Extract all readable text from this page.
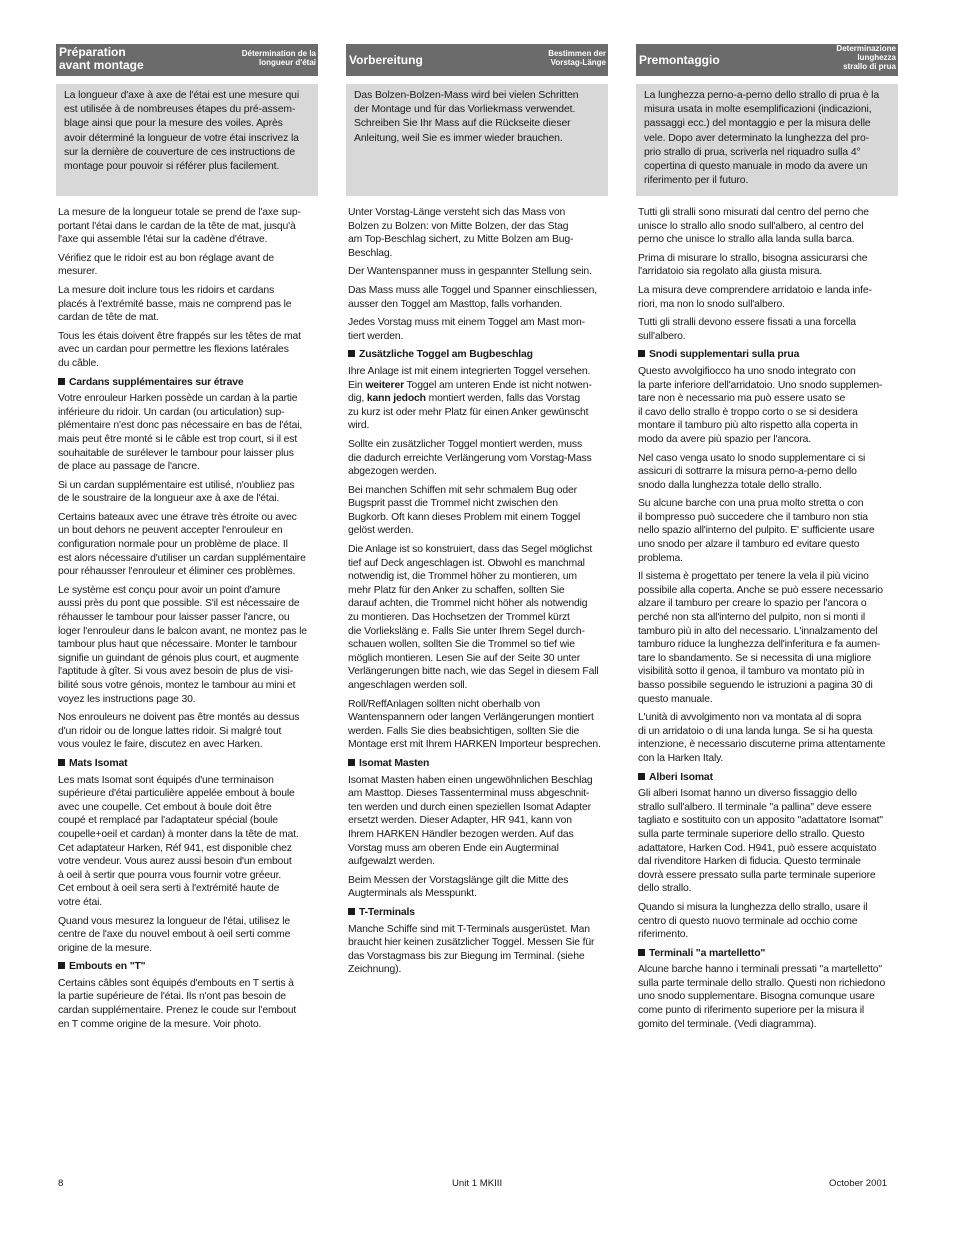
Préparation
avant montage
Détermination de la
longueur d'étai

La longueur d'axe à axe de l'étai est une mesure qui
est utilisée à de nombreuses étapes du pré-assem-
blage ainsi que pour la mesure des voiles. Après
avoir déterminé la longueur de votre étai inscrivez la
sur la dernière de couverture de ces instructions de
montage pour pouvoir si référer plus facilement.

La mesure de la longueur totale se prend de l'axe sup-
portant l'étai dans le cardan de la tête de mat, jusqu'à
l'axe qui assemble l'étai sur la cadène d'étrave.

Vérifiez que le ridoir est au bon réglage avant de
mesurer.

La mesure doit inclure tous les ridoirs et cardans
placés à l'extrémité basse, mais ne comprend pas le
cardan de tête de mat.

Tous les étais doivent être frappés sur les têtes de mat
avec un cardan pour permettre les flexions latérales
du câble.

Cardans supplémentaires sur étrave

Votre enrouleur Harken possède un cardan à la partie
inférieure du ridoir. Un cardan (ou articulation) sup-
plémentaire n'est donc pas nécessaire en bas de l'étai,
mais peut être monté si le câble est trop court, si il est
souhaitable de surélever le tambour pour laisser plus
de place au passage de l'ancre.

Si un cardan supplémentaire est utilisé, n'oubliez pas
de le soustraire de la longueur axe à axe de l'étai.

Certains bateaux avec une étrave très étroite ou avec
un bout dehors ne peuvent accepter l'enrouleur en
configuration normale pour un problème de place. Il
est alors nécessaire d'utiliser un cardan supplémentaire
pour réhausser l'enrouleur et éliminer ces problèmes.

Le système est conçu pour avoir un point d'amure
aussi près du pont que possible. S'il est nécessaire de
réhausser le tambour pour laisser passer l'ancre, ou
loger l'enrouleur dans le balcon avant, ne montez pas le
tambour plus haut que nécessaire. Monter le tambour
signifie un guindant de génois plus court, et augmente
l'aptitude à gîter. Si vous avez besoin de plus de visi-
bilité sous votre génois, montez le tambour au mini et
voyez les instructions page 30.

Nos enrouleurs ne doivent pas être montés au dessus
d'un ridoir ou de longue lattes ridoir. Si malgré tout
vous voulez le faire, discutez en avec Harken.

Mats Isomat

Les mats Isomat sont équipés d'une terminaison
supérieure d'étai particulière appelée embout à boule
avec une coupelle. Cet embout à boule doit être
coupé et remplacé par l'adaptateur spécial (boule
coupelle+oeil et cardan) à monter dans la tête de mat.
Cet adaptateur Harken, Réf 941, est disponible chez
votre vendeur. Vous aurez aussi besoin d'un embout
à oeil à sertir que pourra vous fournir votre gréeur.
Cet embout à oeil sera serti à l'extrémité haute de
votre étai.

Quand vous mesurez la longueur de l'étai, utilisez le
centre de l'axe du nouvel embout à oeil serti comme
origine de la mesure.

Embouts en "T"

Certains câbles sont équipés d'embouts en T sertis à
la partie supérieure de l'étai. Ils n'ont pas besoin de
cardan supplémentaire. Prenez le coude sur l'embout
en T comme origine de la mesure. Voir photo.

Vorbereitung	Bestimmen der
Vorstag-Länge

Das Bolzen-Bolzen-Mass wird bei vielen Schritten
der Montage und für das Vorliekmass verwendet.
Schreiben Sie Ihr Mass auf die Rückseite dieser
Anleitung, weil Sie es immer wieder brauchen.

Unter Vorstag-Länge versteht sich das Mass von
Bolzen zu Bolzen: von Mitte Bolzen, der das Stag
am Top-Beschlag sichert, zu Mitte Bolzen am Bug-
Beschlag.

Der Wantenspanner muss in gespannter Stellung sein.

Das Mass muss alle Toggel und Spanner einschliessen,
ausser den Toggel am Masttop, falls vorhanden.

Jedes Vorstag muss mit einem Toggel am Mast mon-
tiert werden.

Zusätzliche Toggel am Bugbeschlag

Ihre Anlage ist mit einem integrierten Toggel versehen.
Ein weiterer Toggel am unteren Ende ist nicht notwen-
dig, kann jedoch montiert werden, falls das Vorstag
zu kurz ist oder mehr Platz für einen Anker gewünscht
wird.

Sollte ein zusätzlicher Toggel montiert werden, muss
die dadurch erreichte Verlängerung vom Vorstag-Mass
abgezogen werden.

Bei manchen Schiffen mit sehr schmalem Bug oder
Bugsprit passt die Trommel nicht zwischen den
Bugkorb. Oft kann dieses Problem mit einem Toggel
gelöst werden.

Die Anlage ist so konstruiert, dass das Segel möglichst
tief auf Deck angeschlagen ist. Obwohl es manchmal
notwendig ist, die Trommel höher zu montieren, um
mehr Platz für den Anker zu schaffen, sollten Sie
darauf achten, die Trommel nicht höher als notwendig
zu montieren. Das Hochsetzen der Trommel kürzt
die Vorlieksläng e. Falls Sie unter Ihrem Segel durch-
schauen wollen, sollten Sie die Trommel so tief wie
möglich montieren. Lesen Sie auf der Seite 30 unter
Verlängerungen bitte nach, wie das Segel in diesem Fall
angeschlagen werden soll.

Roll/ReffAnlagen sollten nicht oberhalb von
Wantenspannern oder langen Verlängerungen montiert
werden. Falls Sie dies beabsichtigen, sollten Sie die
Montage erst mit Ihrem HARKEN Importeur besprechen.

Isomat Masten

Isomat Masten haben einen ungewöhnlichen Beschlag
am Masttop. Dieses Tassenterminal muss abgeschnit-
ten werden und durch einen speziellen Isomat Adapter
ersetzt werden. Dieser Adapter, HR 941, kann von
Ihrem HARKEN Händler bezogen werden. Auf das
Vorstag muss am oberen Ende ein Augterminal
aufgewalzt werden.

Beim Messen der Vorstagslänge gilt die Mitte des
Augterminals als Messpunkt.

T-Terminals

Manche Schiffe sind mit T-Terminals ausgerüstet. Man
braucht hier keinen zusätzlicher Toggel. Messen Sie für
das Vorstagmass bis zur Biegung im Terminal. (siehe
Zeichnung).

Premontaggio
Determinazione
lunghezza
strallo di prua

La lunghezza perno-a-perno dello strallo di prua è la
misura usata in molte esemplificazioni (indicazioni,
passaggi ecc.) del montaggio e per la misura delle
vele. Dopo aver determinato la lunghezza del pro-
prio strallo di prua, scriverla nel riquadro sulla 4°
copertina di questo manuale in modo da avere un
riferimento per il futuro.

Tutti gli stralli sono misurati dal centro del perno che
unisce lo strallo allo snodo sull'albero, al centro del
perno che unisce lo strallo alla landa sulla barca.

Prima di misurare lo strallo, bisogna assicurarsi che
l'arridatoio sia regolato alla giusta misura.

La misura deve comprendere arridatoio e landa infe-
riori, ma non lo snodo sull'albero.

Tutti gli stralli devono essere fissati a una forcella
sull'albero.

Snodi supplementari sulla prua

Questo avvolgifiocco ha uno snodo integrato con
la parte inferiore dell'arridatoio. Uno snodo supplemen-
tare non è necessario ma può essere usato se
il cavo dello strallo è troppo corto o se si desidera
montare il tamburo più alto rispetto alla coperta in
modo da avere più spazio per l'ancora.

Nel caso venga usato lo snodo supplementare ci si
assicuri di sottrarre la misura perno-a-perno dello
snodo dalla lunghezza totale dello strallo.

Su alcune barche con una prua molto stretta o con
il bompresso può succedere che il tamburo non stia
nello spazio all'interno del pulpito. E' sufficiente usare
uno snodo per alzare il tamburo ed evitare questo
problema.

Il sistema è progettato per tenere la vela il più vicino
possibile alla coperta. Anche se può essere necessario
alzare il tamburo per creare lo spazio per l'ancora o
perché non sta all'interno del pulpito, non si monti il
tamburo più in alto del necessario. L'innalzamento del
tamburo riduce la lunghezza dell'inferitura e fa aumen-
tare lo sbandamento. Se si necessita di una migliore
visibilità sotto il genoa, il tamburo va montato più in
basso possibile seguendo le istruzioni a pagina 30 di
questo manuale.

L'unità di avvolgimento non va montata al di sopra
di un arridatoio o di una landa lunga. Se si ha questa
intenzione, è necessario discuterne prima attentamente
con la Harken Italy.

Alberi Isomat

Gli alberi Isomat hanno un diverso fissaggio dello
strallo sull'albero. Il terminale "a pallina" deve essere
tagliato e sostituito con un apposito "adattatore Isomat"
sulla parte terminale superiore dello strallo. Questo
adattatore, Harken Cod. H941, può essere acquistato
dal rivenditore Harken di fiducia. Questo terminale
dovrà essere pressato sulla parte terminale superiore
dello strallo.

Quando si misura la lunghezza dello strallo, usare il
centro di questo nuovo terminale ad occhio come
riferimento.

Terminali "a martelletto"

Alcune barche hanno i terminali pressati "a martelletto"
sulla parte terminale dello strallo. Questi non richiedono
uno snodo supplementare. Bisogna comunque usare
come punto di riferimento superiore per la misura il
gomito del terminale. (Vedi diagramma).

8	Unit 1 MKIII	October 2001
